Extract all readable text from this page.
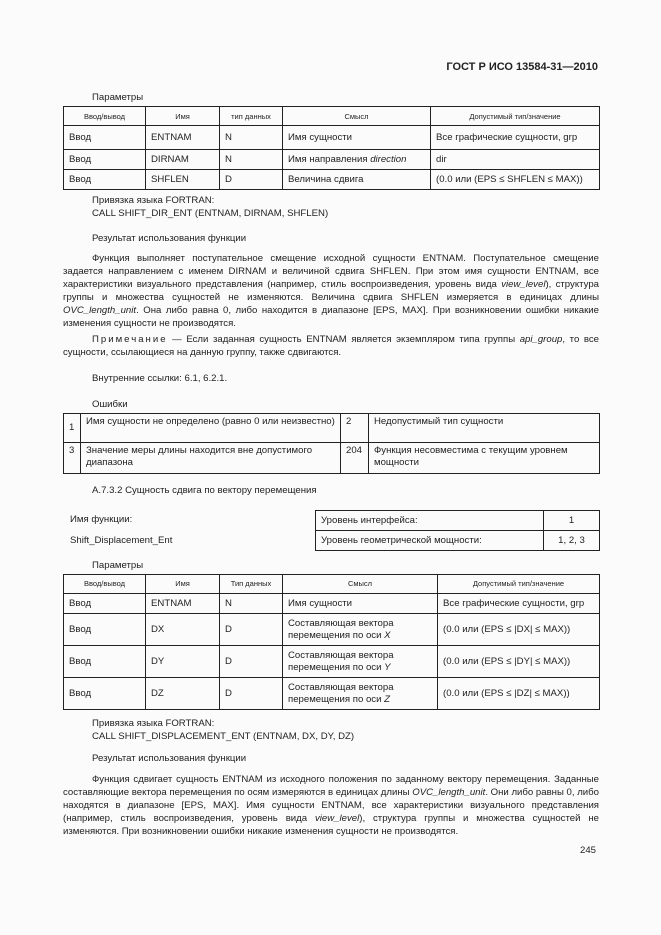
ГОСТ Р ИСО 13584-31—2010
Параметры
Ввод/вывод	Имя	тип данных	Смысл	Допустимый тип/значение
Ввод	ENTNAM	N	Имя сущности	Все графические сущности, grp
Ввод	DIRNAM	N	Имя направления direction	dir
Ввод	SHFLEN	D	Величина сдвига	(0.0 или (EPS ≤ SHFLEN ≤ MAX))
Привязка языка FORTRAN:
CALL SHIFT_DIR_ENT (ENTNAM, DIRNAM, SHFLEN)
Результат использования функции

Функция выполняет поступательное смещение исходной сущности ENTNAM. Поступательное смещение задается направлением с именем DIRNAM и величиной сдвига SHFLEN. При этом имя сущности ENTNAM, все характеристики визуального представления (например, стиль воспроизведения, уровень вида view_level), структура группы и множества сущностей не изменяются. Величина сдвига SHFLEN измеряется в единицах длины OVC_length_unit. Она либо равна 0, либо находится в диапазоне [EPS, MAX]. При возникновении ошибки никакие изменения сущности не производятся.

Примечание — Если заданная сущность ENTNAM является экземпляром типа группы api_group, то все сущности, ссылающиеся на данную группу, также сдвигаются.

Внутренние ссылки: 6.1, 6.2.1.
Ошибки
1	Имя сущности не определено (равно 0 или неизвестно)	2	Недопустимый тип сущности
3	Значение меры длины находится вне допустимого диапазона	204	Функция несовместима с текущим уровнем мощности
А.7.3.2 Сущность сдвига по вектору перемещения
Имя функции:
Shift_Displacement_Ent
Уровень интерфейса:	1
Уровень геометрической мощности:	1, 2, 3
Параметры
Ввод/вывод	Имя	Тип данных	Смысл	Допустимый тип/значение
Ввод	ENTNAM	N	Имя сущности	Все графические сущности, grp
Ввод	DX	D	Составляющая вектора перемещения по оси X	(0.0 или (EPS ≤ |DX| ≤ MAX))
Ввод	DY	D	Составляющая вектора перемещения по оси Y	(0.0 или (EPS ≤ |DY| ≤ MAX))
Ввод	DZ	D	Составляющая вектора перемещения по оси Z	(0.0 или (EPS ≤ |DZ| ≤ MAX))
Привязка языка FORTRAN:
CALL SHIFT_DISPLACEMENT_ENT (ENTNAM, DX, DY, DZ)
Результат использования функции

Функция сдвигает сущность ENTNAM из исходного положения по заданному вектору перемещения. Заданные составляющие вектора перемещения по осям измеряются в единицах длины OVC_length_unit. Они либо равны 0, либо находятся в диапазоне [EPS, MAX]. Имя сущности ENTNAM, все характеристики визуального представления (например, стиль воспроизведения, уровень вида view_level), структура группы и множества сущностей не изменяются. При возникновении ошибки никакие изменения сущности не производятся.

245
